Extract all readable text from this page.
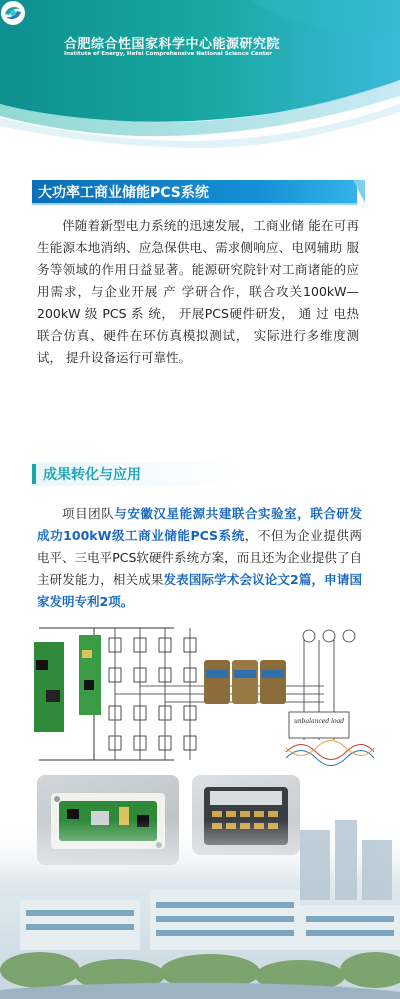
合肥综合性国家科学中心能源研究院
Institute of Energy, Hefei Comprehensive National Science Center
大功率工商业储能PCS系统
伴随着新型电力系统的迅速发展，工商业储 能在可再生能源本地消纳、应急保供电、需求侧响应、电网辅助 服务等领域的作用日益显著。能源研究院针对工商诸能的应用需求，与企业开展 产 学研合作，联合攻关100kW—200kW 级 PCS 系 统， 开展PCS硬件研发， 通 过 电热联合仿真、硬件在环仿真模拟测试， 实际进行多维度测试， 提升设备运行可靠性。
成果转化与应用
项目团队与安徽汉星能源共建联合实验室，联合研发成功100kW级工商业储能PCS系统，不但为企业提供两电平、三电平PCS软硬件系统方案，而且还为企业提供了自主研发能力，相关成果发表国际学术会议论文2篇，申请国家发明专利2项。
unbalanced load
